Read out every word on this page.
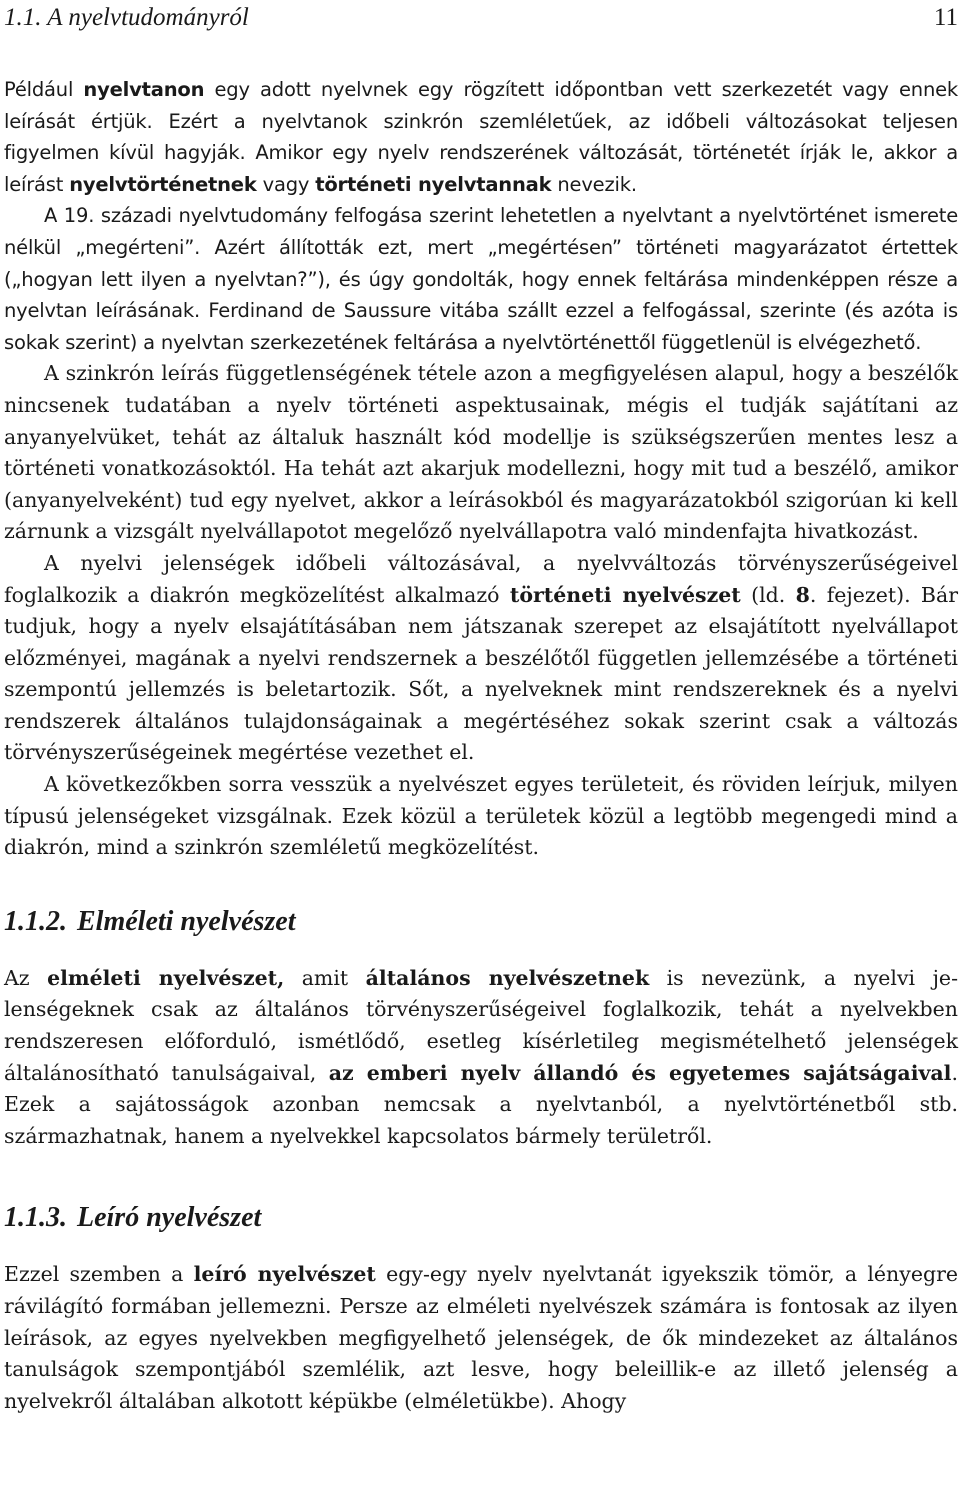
1.1. A nyelvtudományról	11

Például nyelvtanon egy adott nyelvnek egy rögzített időpontban vett szerkezetét vagy ennek leírását értjük. Ezért a nyelvtanok szinkrón szemléletűek, az időbeli változásokat teljesen figyelmen kívül hagyják. Amikor egy nyelv rendszerének változását, történetét írják le, akkor a leírást nyelvtörténetnek vagy történeti nyelvtannak nevezik.

A 19. századi nyelvtudomány felfogása szerint lehetetlen a nyelvtant a nyelvtörténet ismerete nélkül „megérteni”. Azért állították ezt, mert „megértésen” történeti magyarázatot értettek („hogyan lett ilyen a nyelvtan?”), és úgy gondolták, hogy ennek feltárása mindenképpen része a nyelvtan leírásának. Ferdinand de Saussure vitába szállt ezzel a felfogással, szerinte (és azóta is sokak szerint) a nyelvtan szerkezetének feltárása a nyelvtörténettől függetlenül is elvégezhető.

A szinkrón leírás függetlenségének tétele azon a megfigyelésen alapul, hogy a beszélők nincsenek tudatában a nyelv történeti aspektusainak, mégis el tudják sajátítani az anyanyelvüket, tehát az általuk használt kód modellje is szükségszerűen mentes lesz a történeti vonatkozásoktól. Ha tehát azt akarjuk modellezni, hogy mit tud a beszélő, amikor (anyanyelveként) tud egy nyelvet, akkor a leírásokból és magyarázatokból szigorúan ki kell zárnunk a vizsgált nyelvállapotot megelőző nyelvállapotra való mindenfajta hivatkozást.

A nyelvi jelenségek időbeli változásával, a nyelvváltozás törvényszerűségeivel foglalkozik a diakrón megközelítést alkalmazó történeti nyelvészet (ld. 8. fejezet). Bár tudjuk, hogy a nyelv elsajátításában nem játszanak szerepet az elsajátított nyelvállapot előzményei, magának a nyelvi rendszernek a beszélőtől független jellemzésébe a történeti szempontú jellemzés is beletartozik. Sőt, a nyelveknek mint rendszereknek és a nyelvi rendszerek általános tulajdonságainak a megértéséhez sokak szerint csak a változás törvényszerűségeinek megértése vezethet el.

A következőkben sorra vesszük a nyelvészet egyes területeit, és röviden leírjuk, milyen típusú jelenségeket vizsgálnak. Ezek közül a területek közül a legtöbb megengedi mind a diakrón, mind a szinkrón szemléletű megközelítést.

1.1.2. Elméleti nyelvészet

Az elméleti nyelvészet, amit általános nyelvészetnek is nevezünk, a nyelvi jelenségeknek csak az általános törvényszerűségeivel foglalkozik, tehát a nyelvekben rendszeresen előforduló, ismétlődő, esetleg kísérletileg megismételhető jelenségek általánosítható tanulságaival, az emberi nyelv állandó és egyetemes sajátságaival. Ezek a sajátosságok azonban nemcsak a nyelvtanból, a nyelvtörténetből stb. származhatnak, hanem a nyelvekkel kapcsolatos bármely területről.

1.1.3. Leíró nyelvészet

Ezzel szemben a leíró nyelvészet egy-egy nyelv nyelvtanát igyekszik tömör, a lényegre rávilágító formában jellemezni. Persze az elméleti nyelvészek számára is fontosak az ilyen leírások, az egyes nyelvekben megfigyelhető jelenségek, de ők mindezeket az általános tanulságok szempontjából szemlélik, azt lesve, hogy beleillik-e az illető jelenség a nyelvekről általában alkotott képükbe (elméletükbe). Ahogy
